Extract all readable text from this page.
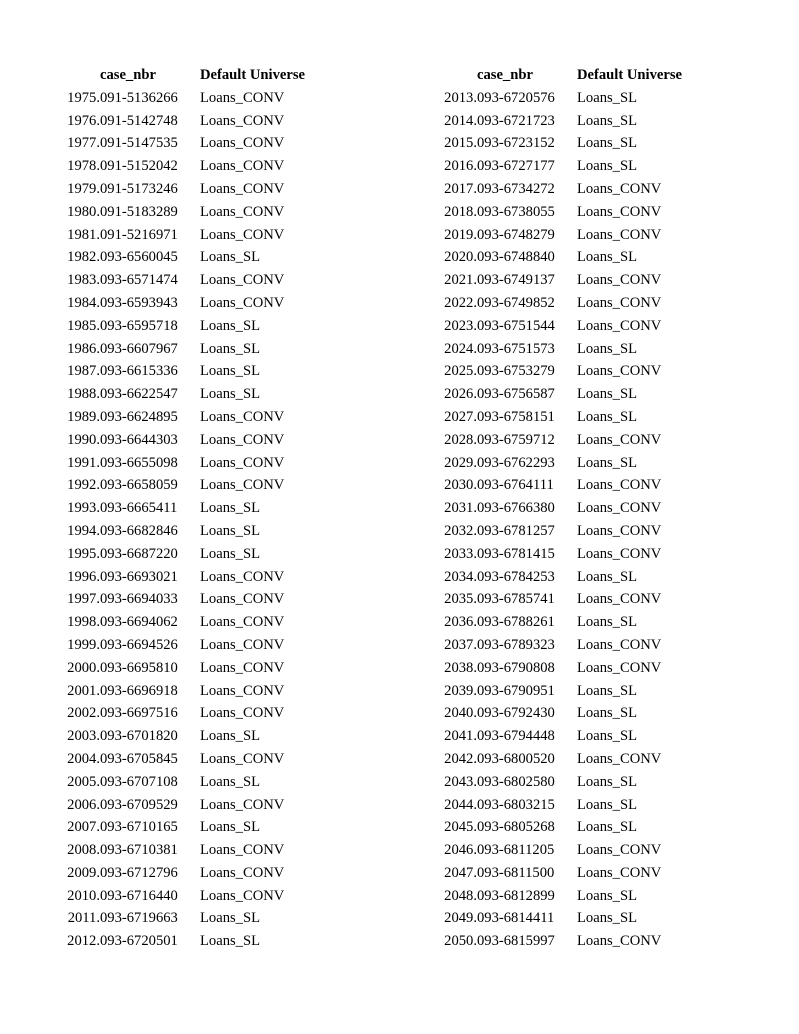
	case_nbr	Default Universe
1975.	091-5136266	Loans_CONV
1976.	091-5142748	Loans_CONV
1977.	091-5147535	Loans_CONV
1978.	091-5152042	Loans_CONV
1979.	091-5173246	Loans_CONV
1980.	091-5183289	Loans_CONV
1981.	091-5216971	Loans_CONV
1982.	093-6560045	Loans_SL
1983.	093-6571474	Loans_CONV
1984.	093-6593943	Loans_CONV
1985.	093-6595718	Loans_SL
1986.	093-6607967	Loans_SL
1987.	093-6615336	Loans_SL
1988.	093-6622547	Loans_SL
1989.	093-6624895	Loans_CONV
1990.	093-6644303	Loans_CONV
1991.	093-6655098	Loans_CONV
1992.	093-6658059	Loans_CONV
1993.	093-6665411	Loans_SL
1994.	093-6682846	Loans_SL
1995.	093-6687220	Loans_SL
1996.	093-6693021	Loans_CONV
1997.	093-6694033	Loans_CONV
1998.	093-6694062	Loans_CONV
1999.	093-6694526	Loans_CONV
2000.	093-6695810	Loans_CONV
2001.	093-6696918	Loans_CONV
2002.	093-6697516	Loans_CONV
2003.	093-6701820	Loans_SL
2004.	093-6705845	Loans_CONV
2005.	093-6707108	Loans_SL
2006.	093-6709529	Loans_CONV
2007.	093-6710165	Loans_SL
2008.	093-6710381	Loans_CONV
2009.	093-6712796	Loans_CONV
2010.	093-6716440	Loans_CONV
2011.	093-6719663	Loans_SL
2012.	093-6720501	Loans_SL
	case_nbr	Default Universe
2013.	093-6720576	Loans_SL
2014.	093-6721723	Loans_SL
2015.	093-6723152	Loans_SL
2016.	093-6727177	Loans_SL
2017.	093-6734272	Loans_CONV
2018.	093-6738055	Loans_CONV
2019.	093-6748279	Loans_CONV
2020.	093-6748840	Loans_SL
2021.	093-6749137	Loans_CONV
2022.	093-6749852	Loans_CONV
2023.	093-6751544	Loans_CONV
2024.	093-6751573	Loans_SL
2025.	093-6753279	Loans_CONV
2026.	093-6756587	Loans_SL
2027.	093-6758151	Loans_SL
2028.	093-6759712	Loans_CONV
2029.	093-6762293	Loans_SL
2030.	093-6764111	Loans_CONV
2031.	093-6766380	Loans_CONV
2032.	093-6781257	Loans_CONV
2033.	093-6781415	Loans_CONV
2034.	093-6784253	Loans_SL
2035.	093-6785741	Loans_CONV
2036.	093-6788261	Loans_SL
2037.	093-6789323	Loans_CONV
2038.	093-6790808	Loans_CONV
2039.	093-6790951	Loans_SL
2040.	093-6792430	Loans_SL
2041.	093-6794448	Loans_SL
2042.	093-6800520	Loans_CONV
2043.	093-6802580	Loans_SL
2044.	093-6803215	Loans_SL
2045.	093-6805268	Loans_SL
2046.	093-6811205	Loans_CONV
2047.	093-6811500	Loans_CONV
2048.	093-6812899	Loans_SL
2049.	093-6814411	Loans_SL
2050.	093-6815997	Loans_CONV
